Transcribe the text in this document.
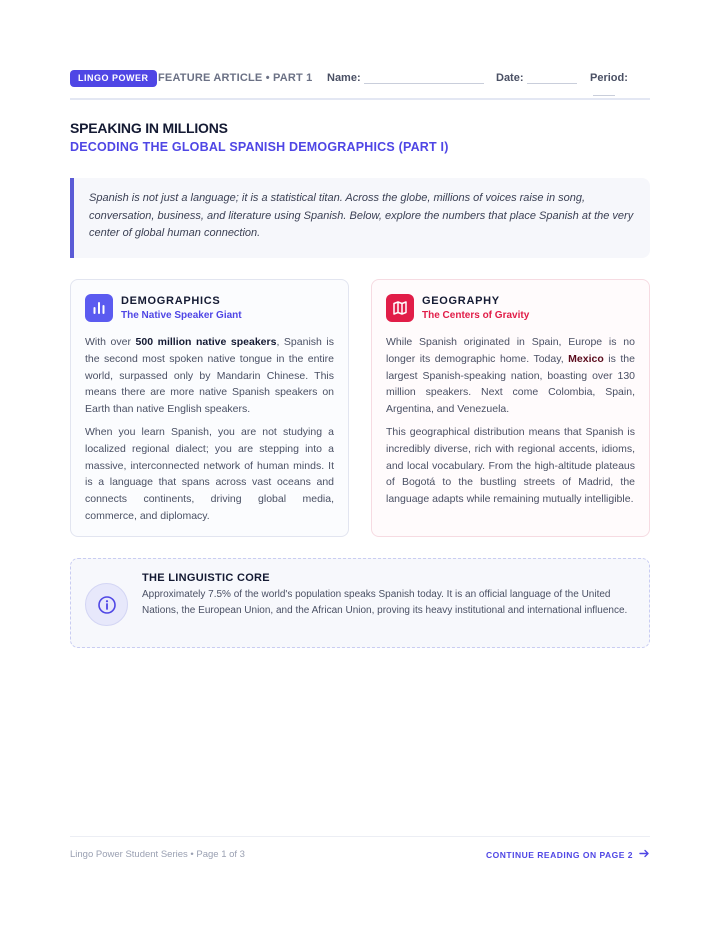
LINGO POWER FEATURE ARTICLE • PART 1 Name:	Date:	Period:
SPEAKING IN MILLIONS
DECODING THE GLOBAL SPANISH DEMOGRAPHICS (PART I)

Spanish is not just a language; it is a statistical titan. Across the globe, millions of voices raise in song, conversation, business, and literature using Spanish. Below, explore the numbers that place Spanish at the very center of global human connection.

DEMOGRAPHICS
The Native Speaker Giant

With over 500 million native speakers, Spanish is the second most spoken native tongue in the entire world, surpassed only by Mandarin Chinese. This means there are more native Spanish speakers on Earth than native English speakers.

When you learn Spanish, you are not studying a localized regional dialect; you are stepping into a massive, interconnected network of human minds. It is a language that spans across vast oceans and connects continents, driving global media, commerce, and diplomacy.

GEOGRAPHY
The Centers of Gravity

While Spanish originated in Spain, Europe is no longer its demographic home. Today, Mexico is the largest Spanish-speaking nation, boasting over 130 million speakers. Next come Colombia, Spain, Argentina, and Venezuela.

This geographical distribution means that Spanish is incredibly diverse, rich with regional accents, idioms, and local vocabulary. From the high-altitude plateaus of Bogotá to the bustling streets of Madrid, the language adapts while remaining mutually intelligible.

THE LINGUISTIC CORE
Approximately 7.5% of the world's population speaks Spanish today. It is an official language of the United Nations, the European Union, and the African Union, proving its heavy institutional and international influence.
Lingo Power Student Series • Page 1 of 3	CONTINUE READING ON PAGE 2
